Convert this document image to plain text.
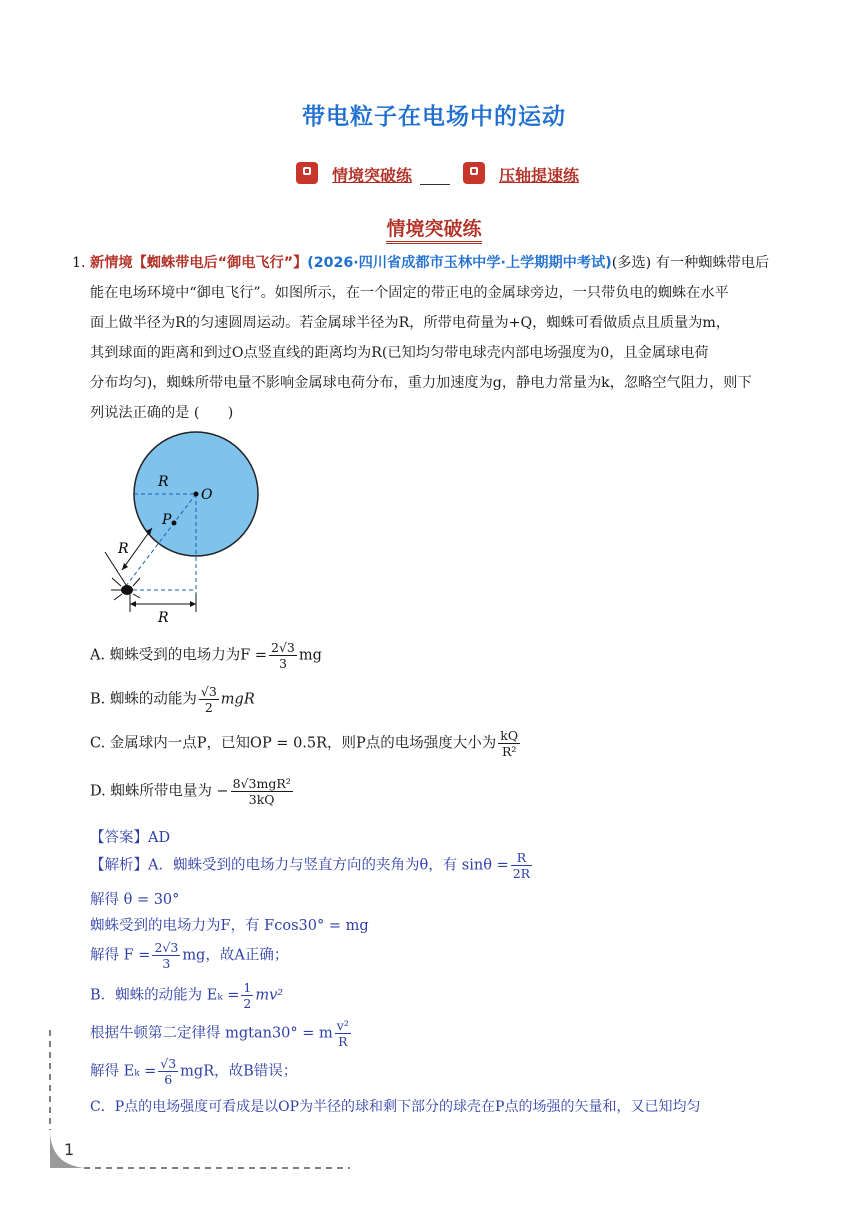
带电粒子在电场中的运动
情境突破练	压轴提速练
情境突破练
1. 新情境【蜘蛛带电后“御电飞行”】(2026·四川省成都市玉林中学·上学期期中考试)(多选) 有一种蜘蛛带电后
能在电场环境中“御电飞行”。如图所示，在一个固定的带正电的金属球旁边，一只带负电的蜘蛛在水平
面上做半径为R的匀速圆周运动。若金属球半径为R，所带电荷量为+Q，蜘蛛可看做质点且质量为m，
其到球面的距离和到过O点竖直线的距离均为R(已知均匀带电球壳内部电场强度为0，且金属球电荷
分布均匀)，蜘蛛所带电量不影响金属球电荷分布，重力加速度为g，静电力常量为k，忽略空气阻力，则下
列说法正确的是 (　　)
R
O
P
R
R
A. 蜘蛛受到的电场力为$F = \frac{2√3}{3}$ mg
B. 蜘蛛的动能为 $\frac{√3}{2}$ mgR
C. 金属球内一点P，已知OP = 0.5R，则P点的电场强度大小为 $\frac{kQ}{\text{R²}}$
D. 蜘蛛所带电量为 − $\frac{\text{8√3mgR²}}{3kQ}$
【答案】AD
【解析】A．蜘蛛受到的电场力与竖直方向的夹角为θ，有 $\sin\theta = \frac{R}{2R}$
解得 θ = 30°
蜘蛛受到的电场力为F，有 Fcos30° = mg
解得 $F = \frac{2√3}{3}$ mg，故A正确；
B．蜘蛛的动能为 $E_k = \frac{1}{2} mv^2$
根据牛顿第二定律得 mgtan30° = m $\frac{\text{v²}}{R}$
解得 $E_k = \frac{√3}{6}$ mgR，故B错误；
C．P点的电场强度可看成是以OP为半径的球和剩下部分的球壳在P点的场强的矢量和，又已知均匀
1
